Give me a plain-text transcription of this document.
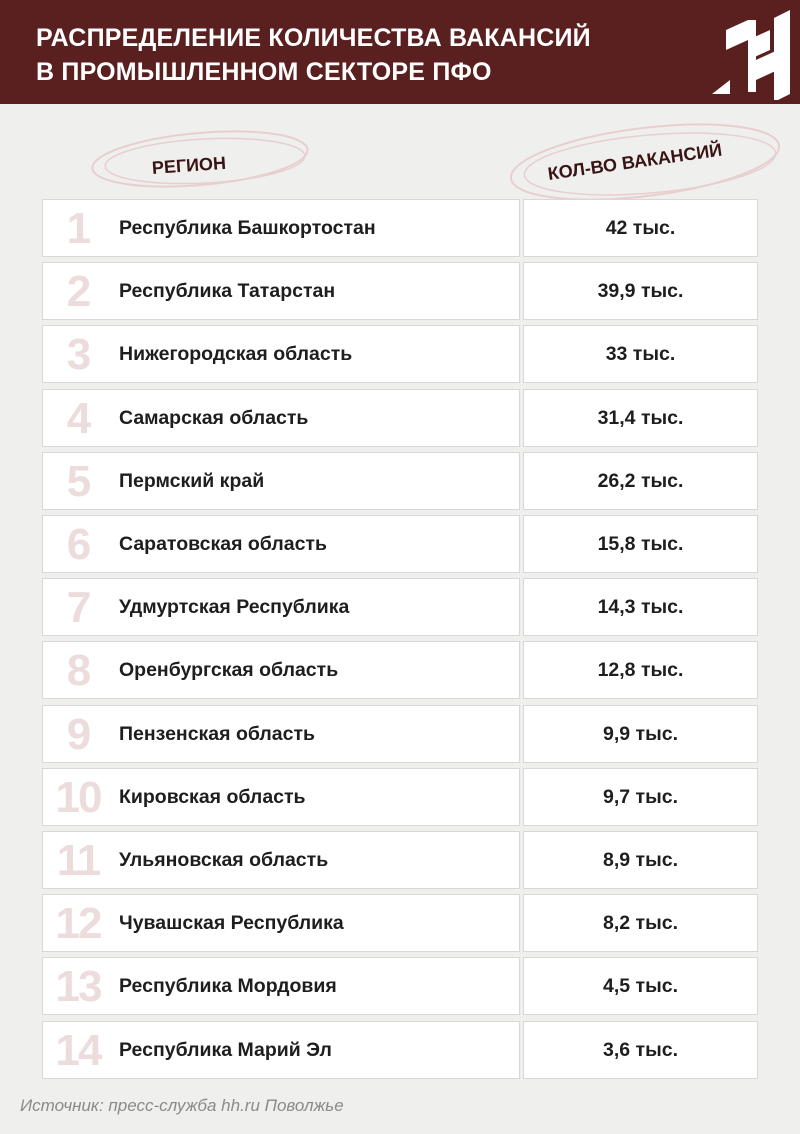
РАСПРЕДЕЛЕНИЕ КОЛИЧЕСТВА ВАКАНСИЙ
В ПРОМЫШЛЕННОМ СЕКТОРЕ ПФО
РЕГИОН	КОЛ-ВО ВАКАНСИЙ
1	Республика Башкортостан	42 тыс.
2	Республика Татарстан	39,9 тыс.
3	Нижегородская область	33 тыс.
4	Самарская область	31,4 тыс.
5	Пермский край	26,2 тыс.
6	Саратовская область	15,8 тыс.
7	Удмуртская Республика	14,3 тыс.
8	Оренбургская область	12,8 тыс.
9	Пензенская область	9,9 тыс.
10 Кировская область	9,7 тыс.
11	Ульяновская область	8,9 тыс.
12 Чувашская Республика	8,2 тыс.
13 Республика Мордовия	4,5 тыс.
14 Республика Марий Эл	3,6 тыс.
Источник: пресс-служба hh.ru Поволжье
